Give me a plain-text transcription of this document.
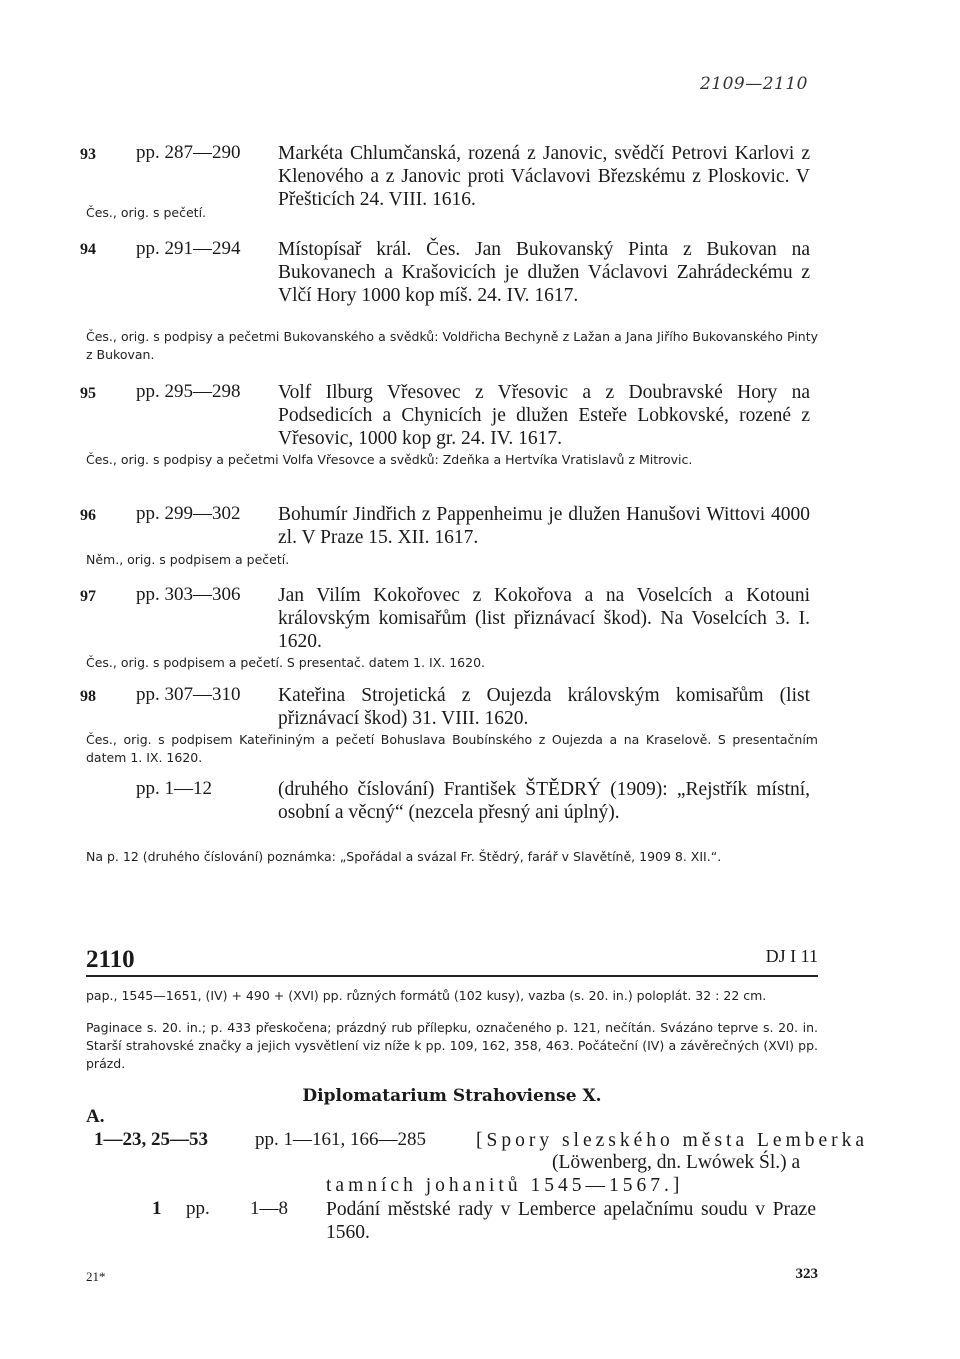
2109—2110
93 pp. 287—290 Markéta Chlumčanská, rozená z Janovic, svědčí Petrovi Karlovi z Klenového a z Janovic proti Václavovi Březskému z Ploskovic. V Přešticích 24. VIII. 1616.
Čes., orig. s pečetí.
94 pp. 291—294 Místopísař král. Čes. Jan Bukovanský Pinta z Bukovan na Bukovanech a Krašovicích je dlužen Václavovi Zahrádeckému z Vlčí Hory 1000 kop míš. 24. IV. 1617.
Čes., orig. s podpisy a pečetmi Bukovanského a svědků: Voldřicha Bechyně z Lažan a Jana Jiřího Bukovanského Pinty z Bukovan.
95 pp. 295—298 Volf Ilburg Vřesovec z Vřesovic a z Doubravské Hory na Podsedicích a Chynicích je dlužen Esteře Lobkovské, rozené z Vřesovic, 1000 kop gr. 24. IV. 1617.
Čes., orig. s podpisy a pečetmi Volfa Vřesovce a svědků: Zdeňka a Hertvíka Vratislavů z Mitrovic.
96 pp. 299—302 Bohumír Jindřich z Pappenheimu je dlužen Hanušovi Wittovi 4000 zl. V Praze 15. XII. 1617.
Něm., orig. s podpisem a pečetí.
97 pp. 303—306 Jan Vilím Kokořovec z Kokořova a na Voselcích a Kotouni královským komisařům (list přiznávací škod). Na Voselcích 3. I. 1620.
Čes., orig. s podpisem a pečetí. S presentač. datem 1. IX. 1620.
98 pp. 307—310 Kateřina Strojetická z Oujezda královským komisařům (list přiznávací škod) 31. VIII. 1620.
Čes., orig. s podpisem Kateřininým a pečetí Bohuslava Boubínského z Oujezda a na Kraselově. S presentačním datem 1. IX. 1620.
pp. 1—12	(druhého číslování) František ŠTĚDRÝ (1909): „Rejstřík místní, osobní a věcný“ (nezcela přesný ani úplný).
Na p. 12 (druhého číslování) poznámka: „Spořádal a svázal Fr. Štědrý, farář v Slavětíně, 1909 8. XII.“.
2110	DJ I 11
pap., 1545—1651, (IV) + 490 + (XVI) pp. různých formátů (102 kusy), vazba (s. 20. in.) poloplát. 32 : 22 cm.
Paginace s. 20. in.; p. 433 přeskočena; prázdný rub přílepku, označeného p. 121, nečítán. Svázáno teprve s. 20. in. Starší strahovské značky a jejich vysvětlení viz níže k pp. 109, 162, 358, 463. Počáteční (IV) a závěrečných (XVI) pp. prázd.
Diplomatarium Strahoviense X.
A.
1—23, 25—53 pp. 1—161, 166—285	[Spory slezského města Lemberka
(Löwenberg, dn. Lwówek Śl.) a
tamních johanitů 1545—1567.]
1 pp. 1—8 Podání městské rady v Lemberce apelačnímu soudu v Praze 1560.
21*	323
